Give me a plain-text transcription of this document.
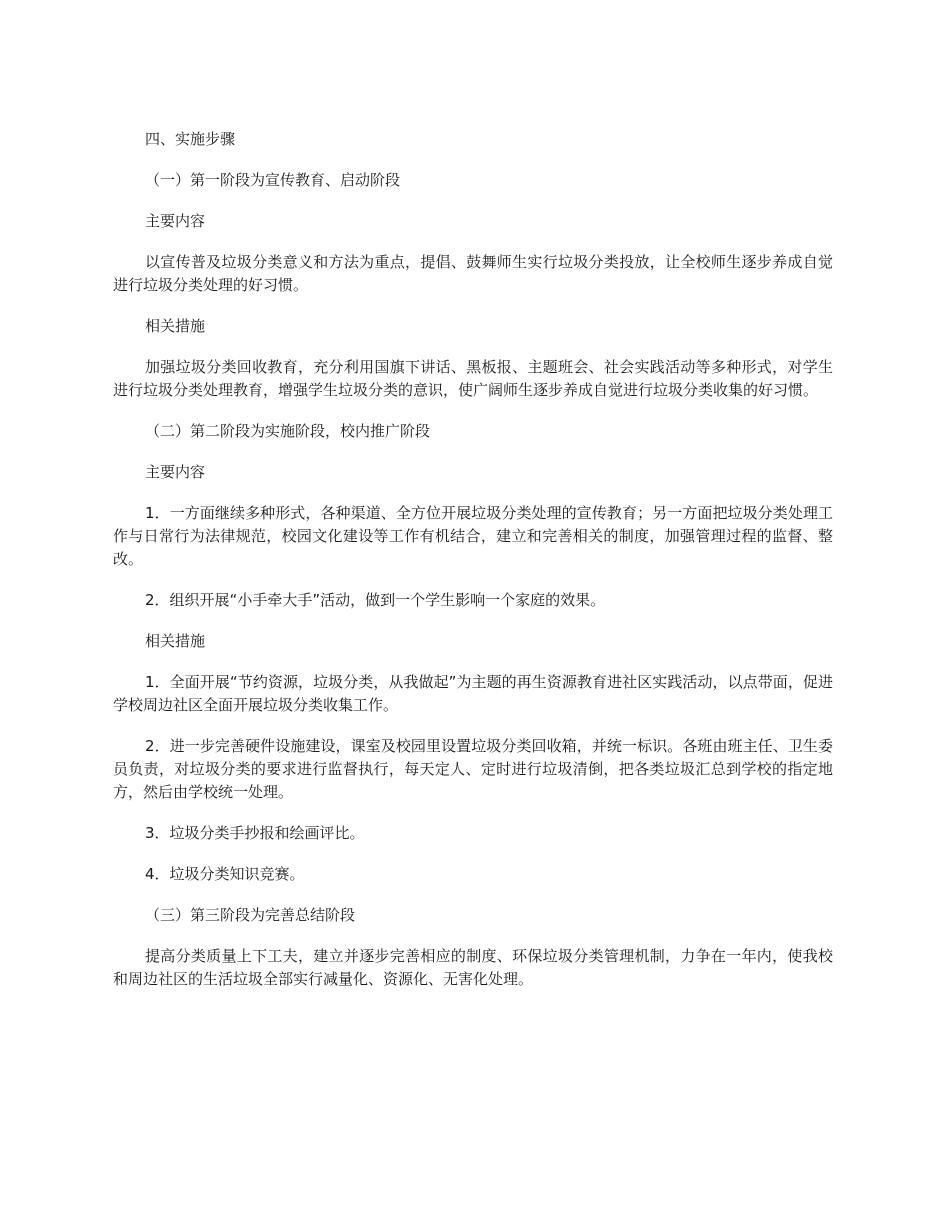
四、实施步骤

（一）第一阶段为宣传教育、启动阶段

主要内容

以宣传普及垃圾分类意义和方法为重点，提倡、鼓舞师生实行垃圾分类投放，让全校师生逐步养成自觉进行垃圾分类处理的好习惯。

相关措施

加强垃圾分类回收教育，充分利用国旗下讲话、黑板报、主题班会、社会实践活动等多种形式，对学生进行垃圾分类处理教育，增强学生垃圾分类的意识，使广阔师生逐步养成自觉进行垃圾分类收集的好习惯。

（二）第二阶段为实施阶段，校内推广阶段

主要内容

1．一方面继续多种形式，各种渠道、全方位开展垃圾分类处理的宣传教育；另一方面把垃圾分类处理工作与日常行为法律规范，校园文化建设等工作有机结合，建立和完善相关的制度，加强管理过程的监督、整改。

2．组织开展“小手牵大手”活动，做到一个学生影响一个家庭的效果。

相关措施

1．全面开展“节约资源，垃圾分类，从我做起”为主题的再生资源教育进社区实践活动，以点带面，促进学校周边社区全面开展垃圾分类收集工作。

2．进一步完善硬件设施建设，课室及校园里设置垃圾分类回收箱，并统一标识。各班由班主任、卫生委员负责，对垃圾分类的要求进行监督执行，每天定人、定时进行垃圾清倒，把各类垃圾汇总到学校的指定地方，然后由学校统一处理。

3．垃圾分类手抄报和绘画评比。

4．垃圾分类知识竞赛。

（三）第三阶段为完善总结阶段

提高分类质量上下工夫，建立并逐步完善相应的制度、环保垃圾分类管理机制，力争在一年内，使我校和周边社区的生活垃圾全部实行减量化、资源化、无害化处理。
